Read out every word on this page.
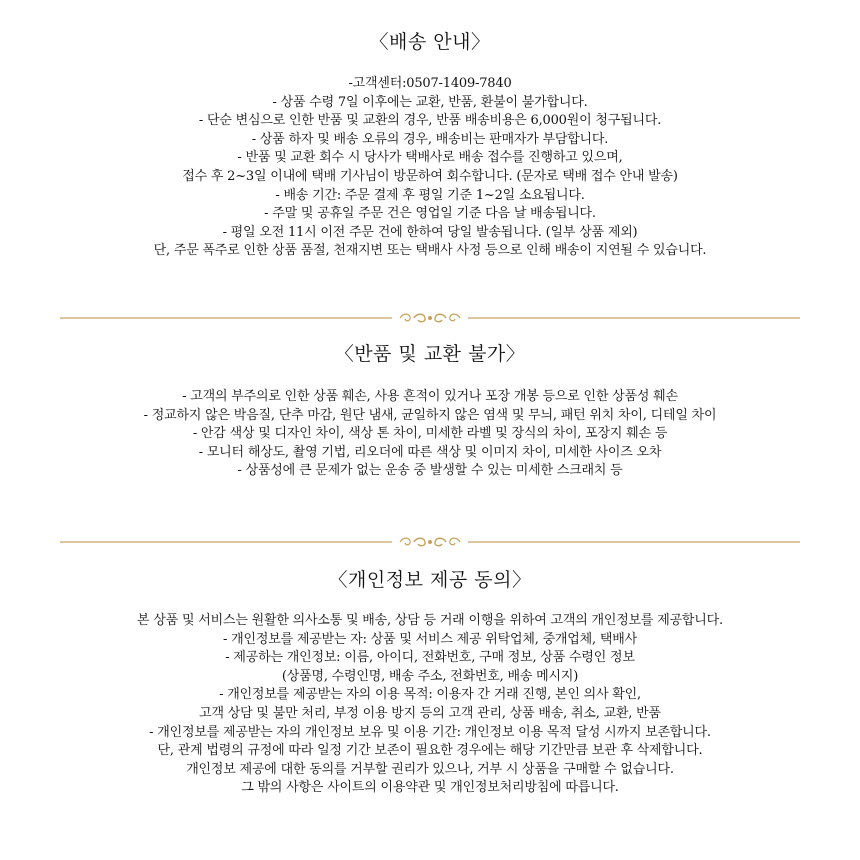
〈배송 안내〉
-고객센터:0507-1409-7840
- 상품 수령 7일 이후에는 교환, 반품, 환불이 불가합니다.
- 단순 변심으로 인한 반품 및 교환의 경우, 반품 배송비용은 6,000원이 청구됩니다.
- 상품 하자 및 배송 오류의 경우, 배송비는 판매자가 부담합니다.
- 반품 및 교환 회수 시 당사가 택배사로 배송 접수를 진행하고 있으며,
접수 후 2~3일 이내에 택배 기사님이 방문하여 회수합니다. (문자로 택배 접수 안내 발송)
- 배송 기간: 주문 결제 후 평일 기준 1~2일 소요됩니다.
- 주말 및 공휴일 주문 건은 영업일 기준 다음 날 배송됩니다.
- 평일 오전 11시 이전 주문 건에 한하여 당일 발송됩니다. (일부 상품 제외)
단, 주문 폭주로 인한 상품 품절, 천재지변 또는 택배사 사정 등으로 인해 배송이 지연될 수 있습니다.
〈반품 및 교환 불가〉
- 고객의 부주의로 인한 상품 훼손, 사용 흔적이 있거나 포장 개봉 등으로 인한 상품성 훼손
- 정교하지 않은 박음질, 단추 마감, 원단 냄새, 균일하지 않은 염색 및 무늬, 패턴 위치 차이, 디테일 차이
- 안감 색상 및 디자인 차이, 색상 톤 차이, 미세한 라벨 및 장식의 차이, 포장지 훼손 등
- 모니터 해상도, 촬영 기법, 리오더에 따른 색상 및 이미지 차이, 미세한 사이즈 오차
- 상품성에 큰 문제가 없는 운송 중 발생할 수 있는 미세한 스크래치 등
〈개인정보 제공 동의〉
본 상품 및 서비스는 원활한 의사소통 및 배송, 상담 등 거래 이행을 위하여 고객의 개인정보를 제공합니다.
- 개인정보를 제공받는 자: 상품 및 서비스 제공 위탁업체, 중개업체, 택배사
- 제공하는 개인정보: 이름, 아이디, 전화번호, 구매 정보, 상품 수령인 정보
(상품명, 수령인명, 배송 주소, 전화번호, 배송 메시지)
- 개인정보를 제공받는 자의 이용 목적: 이용자 간 거래 진행, 본인 의사 확인,
고객 상담 및 불만 처리, 부정 이용 방지 등의 고객 관리, 상품 배송, 취소, 교환, 반품
- 개인정보를 제공받는 자의 개인정보 보유 및 이용 기간: 개인정보 이용 목적 달성 시까지 보존합니다.
단, 관계 법령의 규정에 따라 일정 기간 보존이 필요한 경우에는 해당 기간만큼 보관 후 삭제합니다.
개인정보 제공에 대한 동의를 거부할 권리가 있으나, 거부 시 상품을 구매할 수 없습니다.
그 밖의 사항은 사이트의 이용약관 및 개인정보처리방침에 따릅니다.
